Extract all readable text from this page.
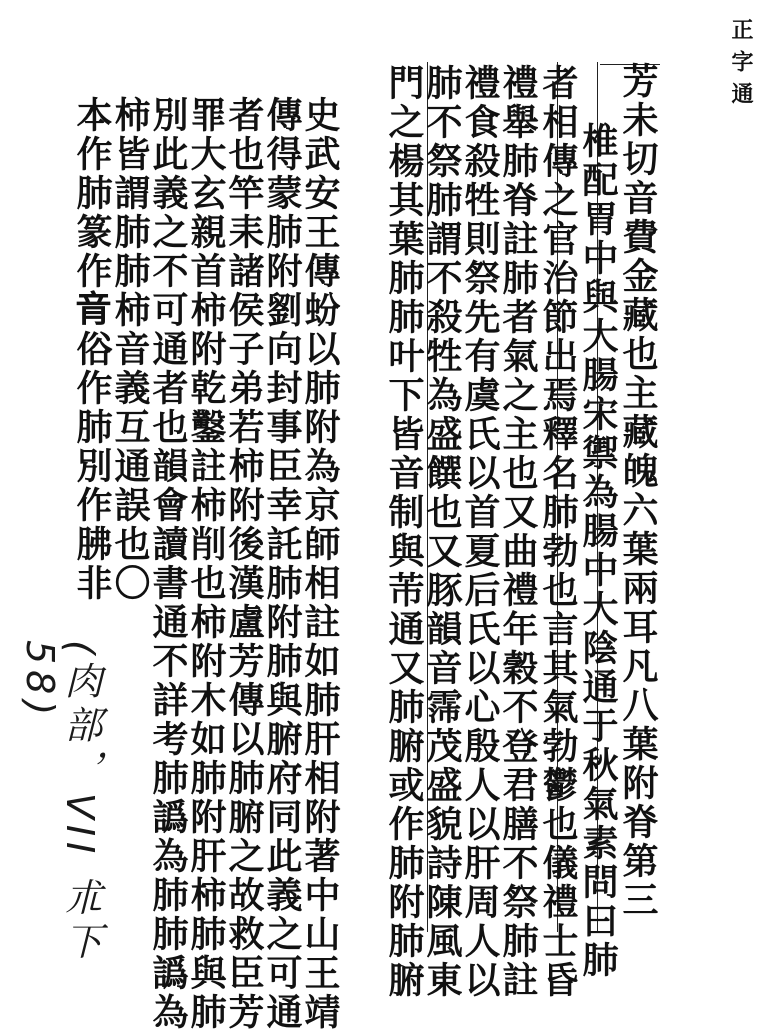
正字通
芳未切音費金藏也主藏魄六葉兩耳凡八葉附脊第三
椎配胃中與大腸宋禦為腸中大陰通于秋氣素問曰肺
者相傳之官治節出焉釋名肺勃也言其氣勃鬱也儀禮士昏
禮舉肺脊註肺者氣之主也又曲禮年穀不登君膳不祭肺註
禮食殺牲則祭先有虞氏以首夏后氏以心殷人以肝周人以
肺不祭肺謂不殺牲為盛饌也又豚韻音霈茂盛貌詩陳風東
門之楊其葉肺肺叶下皆音制與芾通又肺腑或作肺附肺腑
史武安王傳蚡以肺附為京師相註如肺肝相附著中山王靖
傳得蒙肺附劉向封事臣幸託肺附肺與腑府同此義之可通
者也竿耒諸侯子弟若柿附後漢盧芳傳以肺腑之故救臣芳
罪大玄親首柿附乾鑿註柿削也柿附木如肺附肝柿肺與肺
別此義之不可通者也韻會讀書通不詳考肺譌為肺肺譌為
柿皆謂肺肺柿音義互通誤也〇
本作肺篆作𦚏俗作肺別作胇非
(肉部，VII 朮下 58)
